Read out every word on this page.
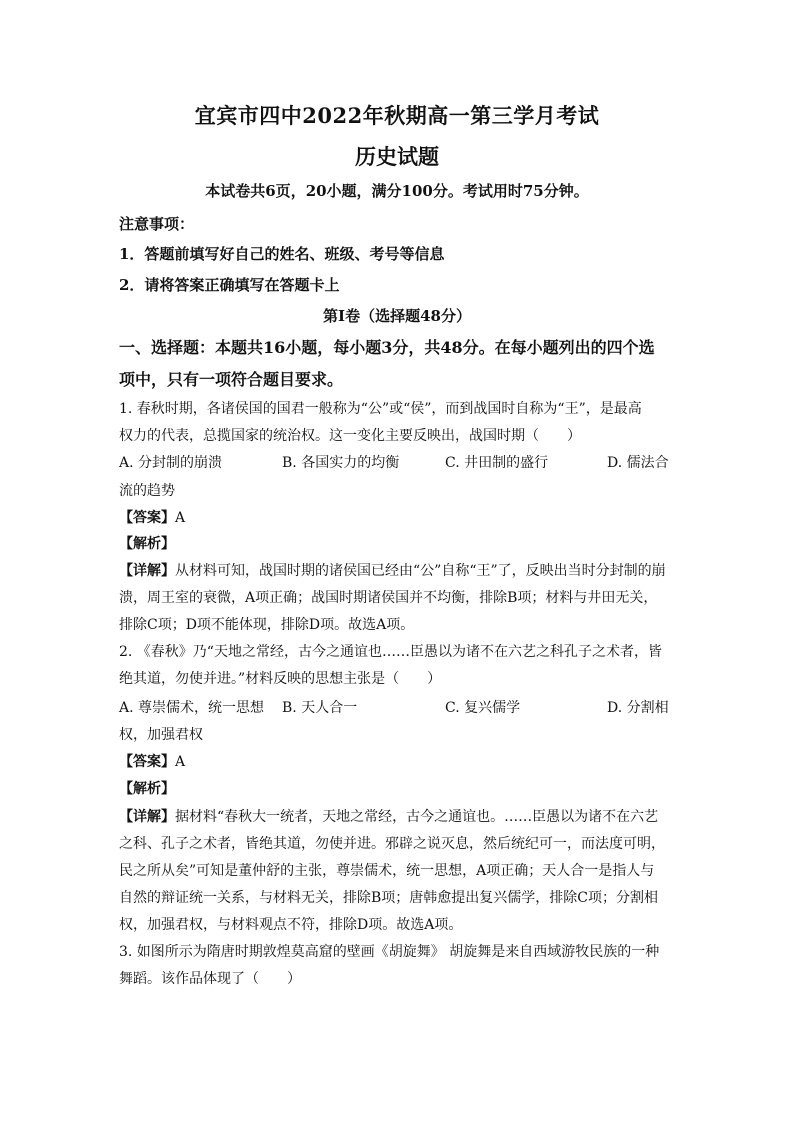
宜宾市四中2022年秋期高一第三学月考试
历史试题
本试卷共6页，20小题，满分100分。考试用时75分钟。
注意事项：
1．答题前填写好自己的姓名、班级、考号等信息
2．请将答案正确填写在答题卡上
第I卷（选择题48分）
一、选择题：本题共16小题，每小题3分，共48分。在每小题列出的四个选
项中，只有一项符合题目要求。
1. 春秋时期，各诸侯国的国君一般称为“公”或“侯”，而到战国时自称为“王”，是最高
权力的代表，总揽国家的统治权。这一变化主要反映出，战国时期（　　）
A. 分封制的崩溃	B. 各国实力的均衡	C. 井田制的盛行	D. 儒法合
流的趋势
【答案】A
【解析】
【详解】从材料可知，战国时期的诸侯国已经由“公”自称“王”了，反映出当时分封制的崩
溃，周王室的衰微，A项正确；战国时期诸侯国并不均衡，排除B项；材料与井田无关，
排除C项；D项不能体现，排除D项。故选A项。
2. 《春秋》乃“天地之常经，古今之通谊也……臣愚以为诸不在六艺之科孔子之术者，皆
绝其道，勿使并进。”材料反映的思想主张是（　　）
A. 尊崇儒术，统一思想 B. 天人合一	C. 复兴儒学	D. 分割相
权，加强君权
【答案】A
【解析】
【详解】据材料“春秋大一统者，天地之常经，古今之通谊也。……臣愚以为诸不在六艺
之科、孔子之术者，皆绝其道，勿使并进。邪辟之说灭息，然后统纪可一，而法度可明，
民之所从矣”可知是董仲舒的主张，尊崇儒术，统一思想，A项正确；天人合一是指人与
自然的辩证统一关系，与材料无关，排除B项；唐韩愈提出复兴儒学，排除C项；分割相
权，加强君权，与材料观点不符，排除D项。故选A项。
3. 如图所示为隋唐时期敦煌莫高窟的壁画《胡旋舞》 胡旋舞是来自西域游牧民族的一种
舞蹈。该作品体现了（　　）
